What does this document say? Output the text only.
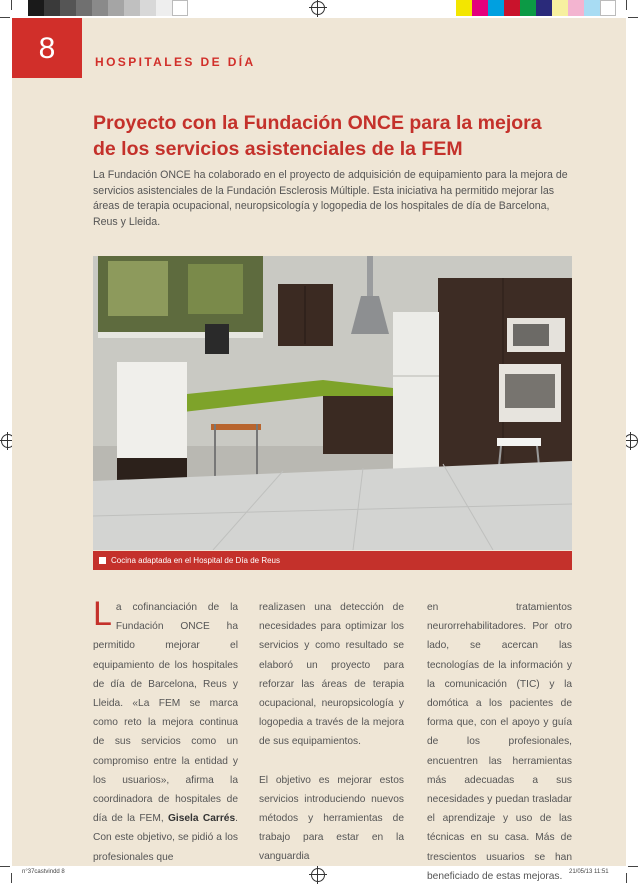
8	HOSPITALES DE DÍA
Proyecto con la Fundación ONCE para la mejora de los servicios asistenciales de la FEM

La Fundación ONCE ha colaborado en el proyecto de adquisición de equipamiento para la mejora de servicios asistenciales de la Fundación Esclerosis Múltiple. Esta iniciativa ha permitido mejorar las áreas de terapia ocupacional, neuropsicología y logopedia de los hospitales de día de Barcelona, Reus y Lleida.

Cocina adaptada en el Hospital de Día de Reus

La cofinanciación de la Fundación ONCE ha permitido mejorar el equipamiento de los hospitales de día de Barcelona, Reus y Lleida. «La FEM se marca como reto la mejora continua de sus servicios como un compromiso entre la entidad y los usuarios», afirma la coordinadora de hospitales de día de la FEM, Gisela Carrés. Con este objetivo, se pidió a los profesionales que

realizasen una detección de necesidades para optimizar los servicios y como resultado se elaboró un proyecto para reforzar las áreas de terapia ocupacional, neuropsicología y logopedia a través de la mejora de sus equipamientos.

El objetivo es mejorar estos servicios introduciendo nuevos métodos y herramientas de trabajo para estar en la vanguardia

en tratamientos neurorrehabilitadores. Por otro lado, se acercan las tecnologías de la información y la comunicación (TIC) y la domótica a los pacientes de forma que, con el apoyo y guía de los profesionales, encuentren las herramientas más adecuadas a sus necesidades y puedan trasladar el aprendizaje y uso de las técnicas en su casa. Más de trescientos usuarios se han beneficiado de estas mejoras.

n°37castvindd 8	21/05/13 11:51
